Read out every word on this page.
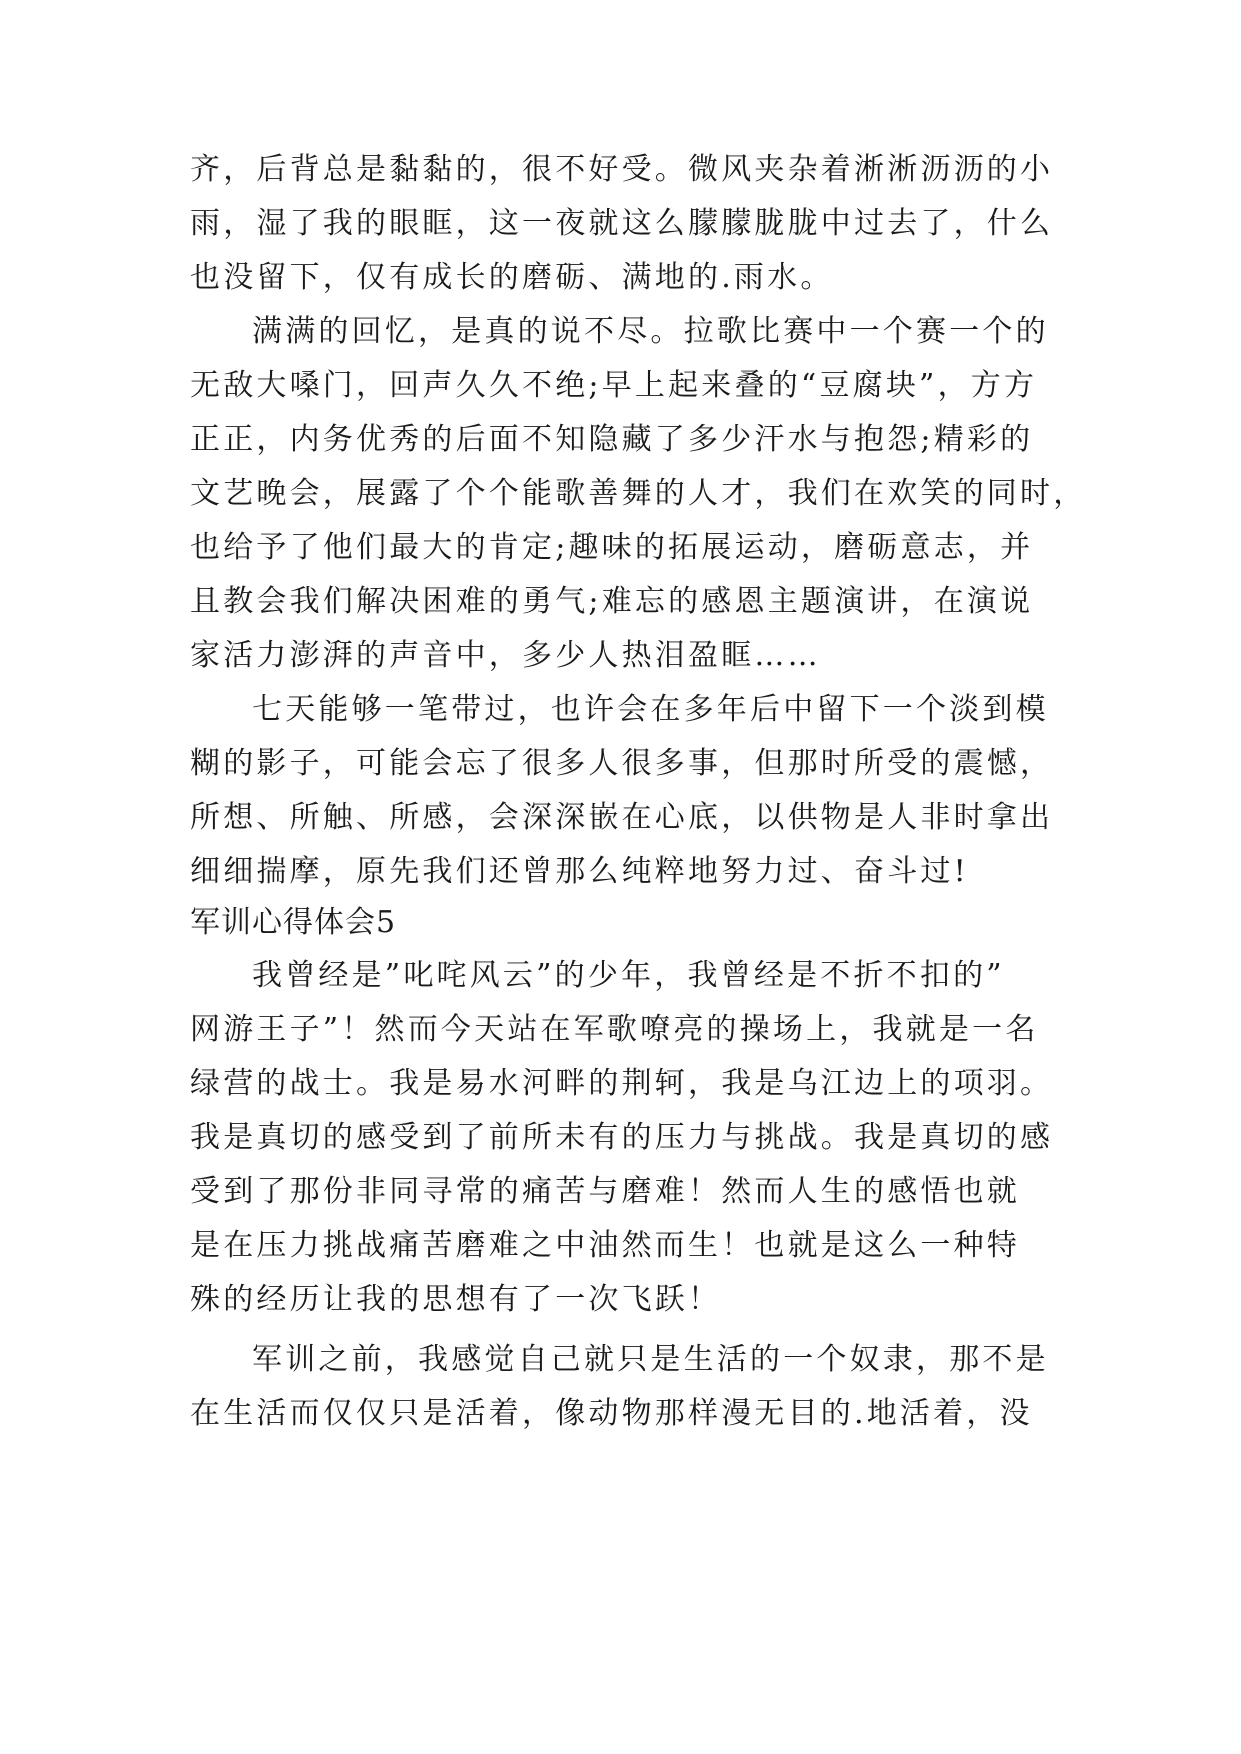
齐，后背总是黏黏的，很不好受。微风夹杂着淅淅沥沥的小
雨，湿了我的眼眶，这一夜就这么朦朦胧胧中过去了，什么
也没留下，仅有成长的磨砺、满地的.雨水。
满满的回忆，是真的说不尽。拉歌比赛中一个赛一个的
无敌大嗓门，回声久久不绝;早上起来叠的“豆腐块”，方方
正正，内务优秀的后面不知隐藏了多少汗水与抱怨;精彩的
文艺晚会，展露了个个能歌善舞的人才，我们在欢笑的同时，
也给予了他们最大的肯定;趣味的拓展运动，磨砺意志，并
且教会我们解决困难的勇气;难忘的感恩主题演讲，在演说
家活力澎湃的声音中，多少人热泪盈眶……
七天能够一笔带过，也许会在多年后中留下一个淡到模
糊的影子，可能会忘了很多人很多事，但那时所受的震憾，
所想、所触、所感，会深深嵌在心底，以供物是人非时拿出
细细揣摩，原先我们还曾那么纯粹地努力过、奋斗过!
军训心得体会5
我曾经是”叱咤风云”的少年，我曾经是不折不扣的”
网游王子”！然而今天站在军歌嘹亮的操场上，我就是一名
绿营的战士。我是易水河畔的荆轲，我是乌江边上的项羽。
我是真切的感受到了前所未有的压力与挑战。我是真切的感
受到了那份非同寻常的痛苦与磨难！然而人生的感悟也就
是在压力挑战痛苦磨难之中油然而生！也就是这么一种特
殊的经历让我的思想有了一次飞跃！
军训之前，我感觉自己就只是生活的一个奴隶，那不是
在生活而仅仅只是活着，像动物那样漫无目的.地活着，没
